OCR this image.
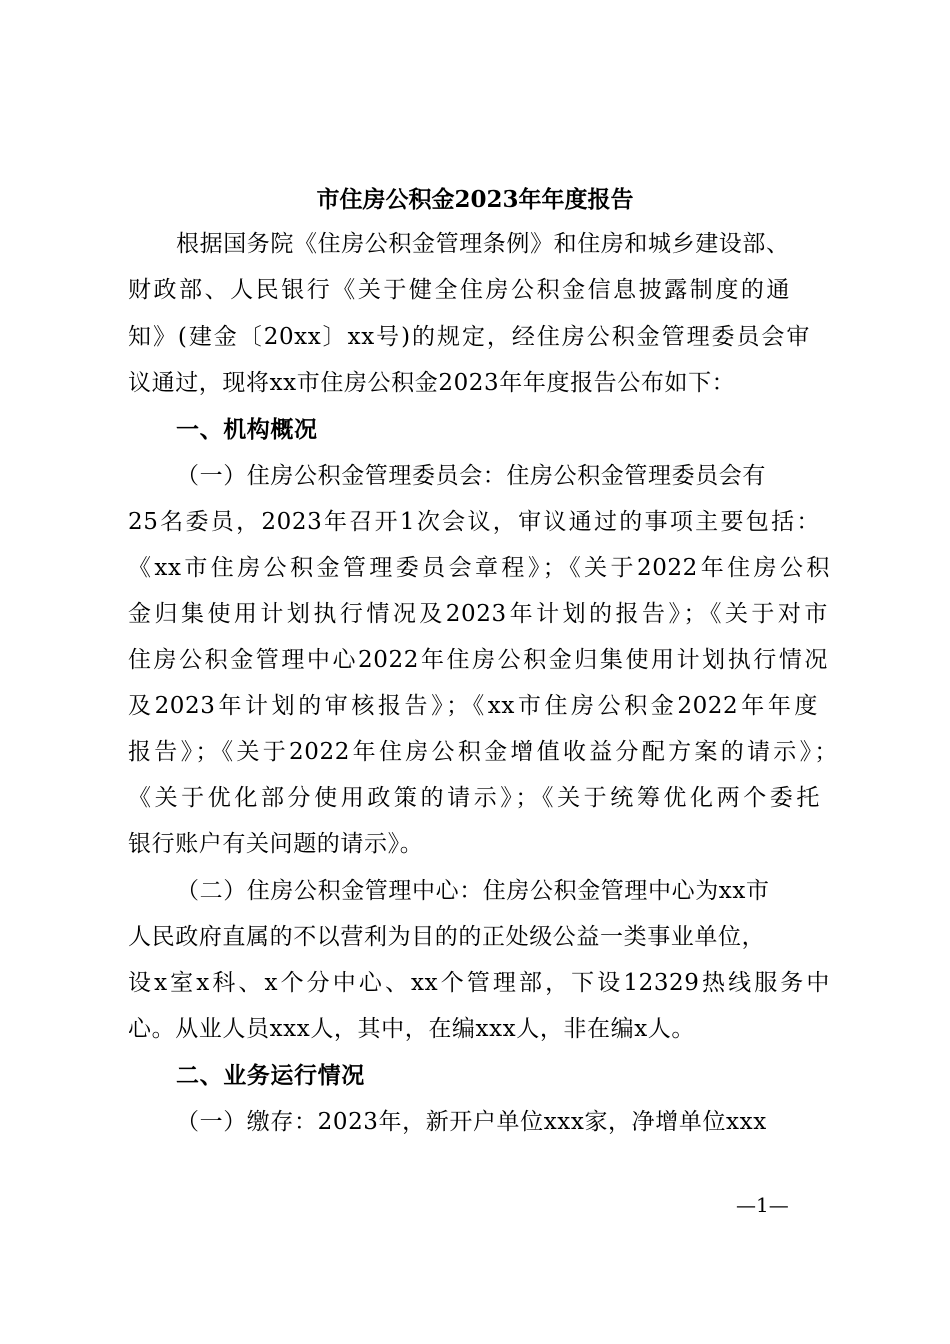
市住房公积金2023年年度报告
根据国务院《住房公积金管理条例》和住房和城乡建设部、
财政部、人民银行《关于健全住房公积金信息披露制度的通
知》(建金〔20xx〕xx号)的规定，经住房公积金管理委员会审
议通过，现将xx市住房公积金2023年年度报告公布如下：
一、机构概况
（一）住房公积金管理委员会：住房公积金管理委员会有
25名委员，2023年召开1次会议，审议通过的事项主要包括：
《xx市住房公积金管理委员会章程》；《关于2022年住房公积
金归集使用计划执行情况及2023年计划的报告》；《关于对市
住房公积金管理中心2022年住房公积金归集使用计划执行情况
及2023年计划的审核报告》；《xx市住房公积金2022年年度
报告》；《关于2022年住房公积金增值收益分配方案的请示》；
《关于优化部分使用政策的请示》；《关于统筹优化两个委托
银行账户有关问题的请示》。
（二）住房公积金管理中心：住房公积金管理中心为xx市
人民政府直属的不以营利为目的的正处级公益一类事业单位，
设x室x科、x个分中心、xx个管理部，下设12329热线服务中
心。从业人员xxx人，其中，在编xxx人，非在编x人。
二、业务运行情况
（一）缴存：2023年，新开户单位xxx家，净增单位xxx
—1—
